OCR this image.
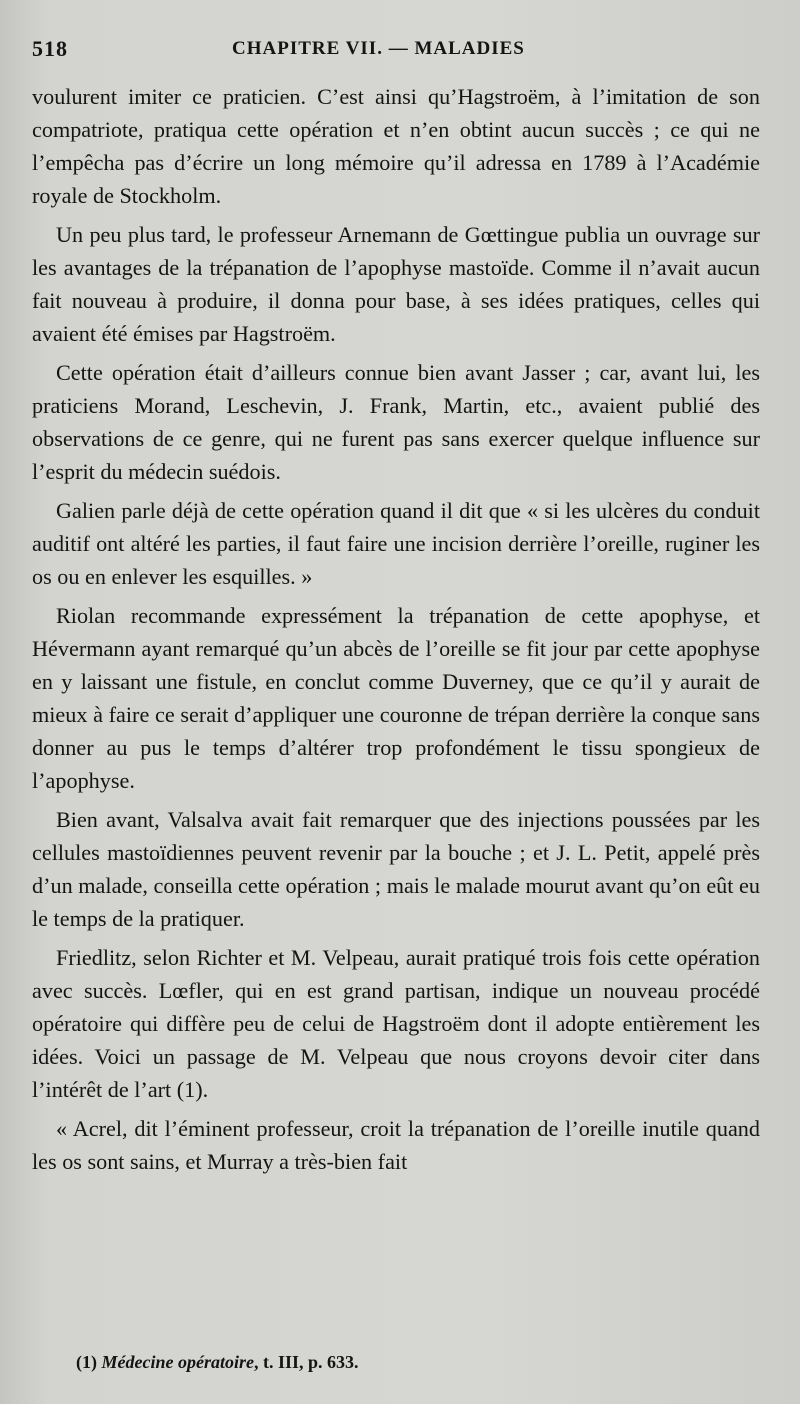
518	CHAPITRE VII. — MALADIES

voulurent imiter ce praticien. C’est ainsi qu’Hagstroëm, à l’imitation de son compatriote, pratiqua cette opération et n’en obtint aucun succès ; ce qui ne l’empêcha pas d’écrire un long mémoire qu’il adressa en 1789 à l’Académie royale de Stockholm.

Un peu plus tard, le professeur Arnemann de Gœttingue publia un ouvrage sur les avantages de la trépanation de l’apophyse mastoïde. Comme il n’avait aucun fait nouveau à produire, il donna pour base, à ses idées pratiques, celles qui avaient été émises par Hagstroëm.

Cette opération était d’ailleurs connue bien avant Jasser ; car, avant lui, les praticiens Morand, Leschevin, J. Frank, Martin, etc., avaient publié des observations de ce genre, qui ne furent pas sans exercer quelque influence sur l’esprit du médecin suédois.

Galien parle déjà de cette opération quand il dit que « si les ulcères du conduit auditif ont altéré les parties, il faut faire une incision derrière l’oreille, ruginer les os ou en enlever les esquilles. »

Riolan recommande expressément la trépanation de cette apophyse, et Hévermann ayant remarqué qu’un abcès de l’oreille se fit jour par cette apophyse en y laissant une fistule, en conclut comme Duverney, que ce qu’il y aurait de mieux à faire ce serait d’appliquer une couronne de trépan derrière la conque sans donner au pus le temps d’altérer trop profondément le tissu spongieux de l’apophyse.

Bien avant, Valsalva avait fait remarquer que des injections poussées par les cellules mastoïdiennes peuvent revenir par la bouche ; et J. L. Petit, appelé près d’un malade, conseilla cette opération ; mais le malade mourut avant qu’on eût eu le temps de la pratiquer.

Friedlitz, selon Richter et M. Velpeau, aurait pratiqué trois fois cette opération avec succès. Lœfler, qui en est grand partisan, indique un nouveau procédé opératoire qui diffère peu de celui de Hagstroëm dont il adopte entièrement les idées. Voici un passage de M. Velpeau que nous croyons devoir citer dans l’intérêt de l’art (1).

« Acrel, dit l’éminent professeur, croit la trépanation de l’oreille inutile quand les os sont sains, et Murray a très-bien fait

(1) Médecine opératoire, t. III, p. 633.
